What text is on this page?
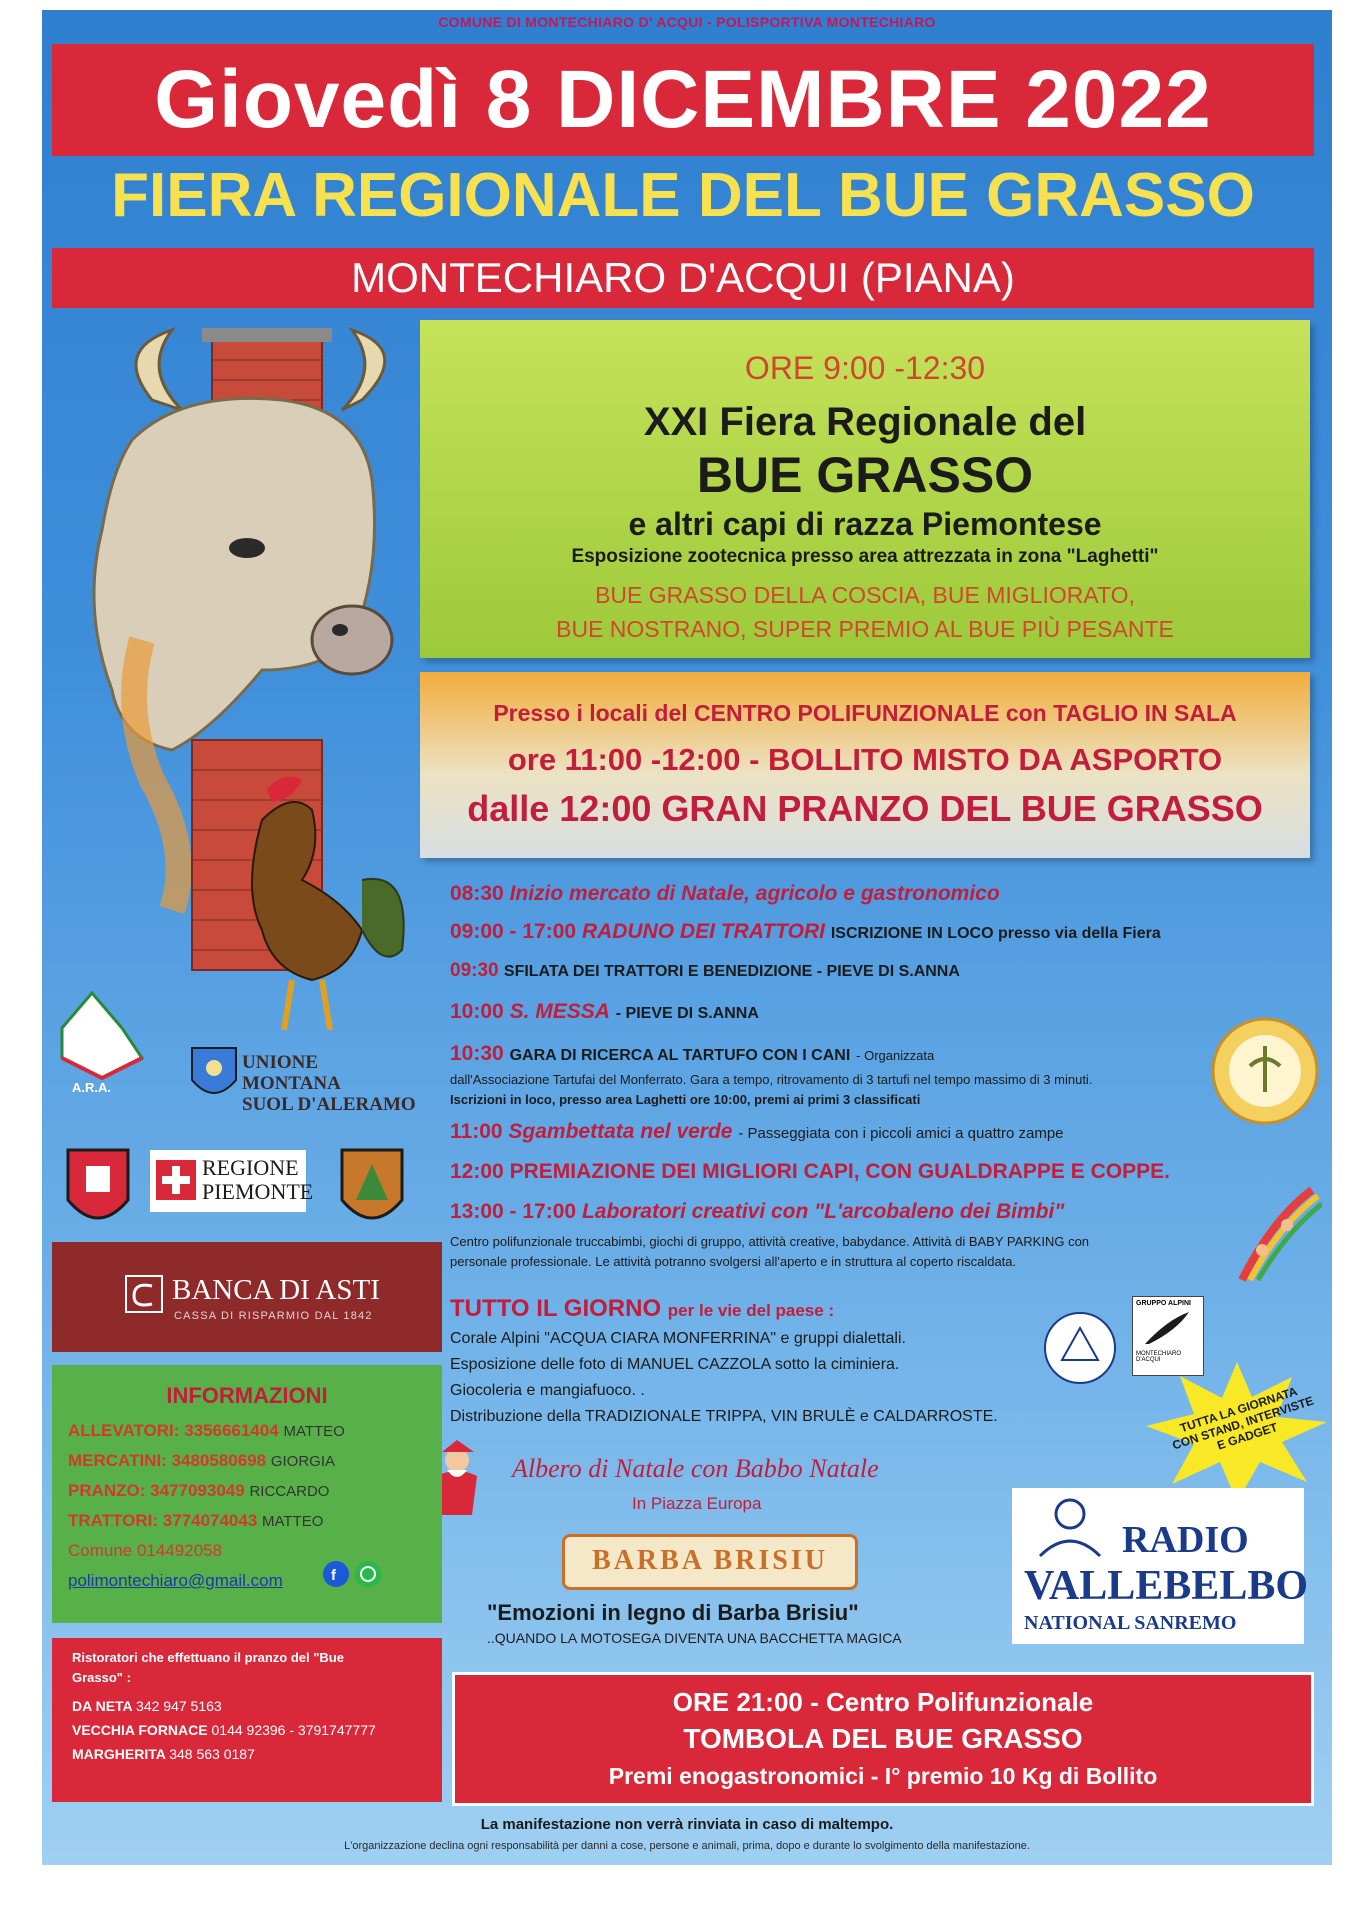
COMUNE DI MONTECHIARO D' ACQUI - POLISPORTIVA MONTECHIARO
Giovedì 8 DICEMBRE 2022
FIERA REGIONALE DEL BUE GRASSO
MONTECHIARO D'ACQUI (PIANA)
ORE 9:00 -12:30
XXI Fiera Regionale del
BUE GRASSO
e altri capi di razza Piemontese
Esposizione zootecnica presso area attrezzata in zona "Laghetti"
BUE GRASSO DELLA COSCIA, BUE MIGLIORATO,
BUE NOSTRANO, SUPER PREMIO AL BUE PIÙ PESANTE
Presso i locali del CENTRO POLIFUNZIONALE con TAGLIO IN SALA
ore 11:00 -12:00 - BOLLITO MISTO DA ASPORTO
dalle 12:00 GRAN PRANZO DEL BUE GRASSO
08:30 Inizio mercato di Natale, agricolo e gastronomico
09:00 - 17:00 RADUNO DEI TRATTORI ISCRIZIONE IN LOCO presso via della Fiera
09:30 SFILATA DEI TRATTORI E BENEDIZIONE - PIEVE DI S.ANNA
10:00 S. MESSA - PIEVE DI S.ANNA
10:30 GARA DI RICERCA AL TARTUFO CON I CANI - Organizzata
dall'Associazione Tartufai del Monferrato. Gara a tempo, ritrovamento di 3 tartufi nel tempo massimo di 3 minuti.
Iscrizioni in loco, presso area Laghetti ore 10:00, premi ai primi 3 classificati
11:00 Sgambettata nel verde - Passeggiata con i piccoli amici a quattro zampe
12:00 PREMIAZIONE DEI MIGLIORI CAPI, CON GUALDRAPPE E COPPE.
13:00 - 17:00 Laboratori creativi con "L'arcobaleno dei Bimbi"
Centro polifunzionale truccabimbi, giochi di gruppo, attività creative, babydance. Attività di BABY PARKING con
personale professionale. Le attività potranno svolgersi all'aperto e in struttura al coperto riscaldata.
TUTTO IL GIORNO per le vie del paese :
Corale Alpini "ACQUA CIARA MONFERRINA" e gruppi dialettali.
Esposizione delle foto di MANUEL CAZZOLA sotto la ciminiera.
Giocoleria e mangiafuoco. .
Distribuzione della TRADIZIONALE TRIPPA, VIN BRULÈ e CALDARROSTE.
Albero di Natale con Babbo Natale
In Piazza Europa
BARBA BRISIU
"Emozioni in legno di Barba Brisiu"
..QUANDO LA MOTOSEGA DIVENTA UNA BACCHETTA MAGICA
GRUPPO ALPINI
MONTECHIARO D'ACQUI
TUTTA LA GIORNATA CON STAND, INTERVISTE E GADGET
A.R.A.
UNIONE
MONTANA
SUOL D'ALERAMO
REGIONE
PIEMONTE
BANCA DI ASTI
CASSA DI RISPARMIO DAL 1842
INFORMAZIONI
ALLEVATORI: 3356661404 MATTEO
MERCATINI: 3480580698 GIORGIA
PRANZO: 3477093049 RICCARDO
TRATTORI: 3774074043 MATTEO
Comune 014492058
polimontechiaro@gmail.com	f
Ristoratori che effettuano il pranzo del "Bue
Grasso" :
DA NETA 342 947 5163
VECCHIA FORNACE 0144 92396 - 3791747777
MARGHERITA 348 563 0187
RADIO
VALLEBELBO
NATIONAL SANREMO
ORE 21:00 - Centro Polifunzionale
TOMBOLA DEL BUE GRASSO
Premi enogastronomici - I° premio 10 Kg di Bollito
La manifestazione non verrà rinviata in caso di maltempo.
L'organizzazione declina ogni responsabilità per danni a cose, persone e animali, prima, dopo e durante lo svolgimento della manifestazione.
